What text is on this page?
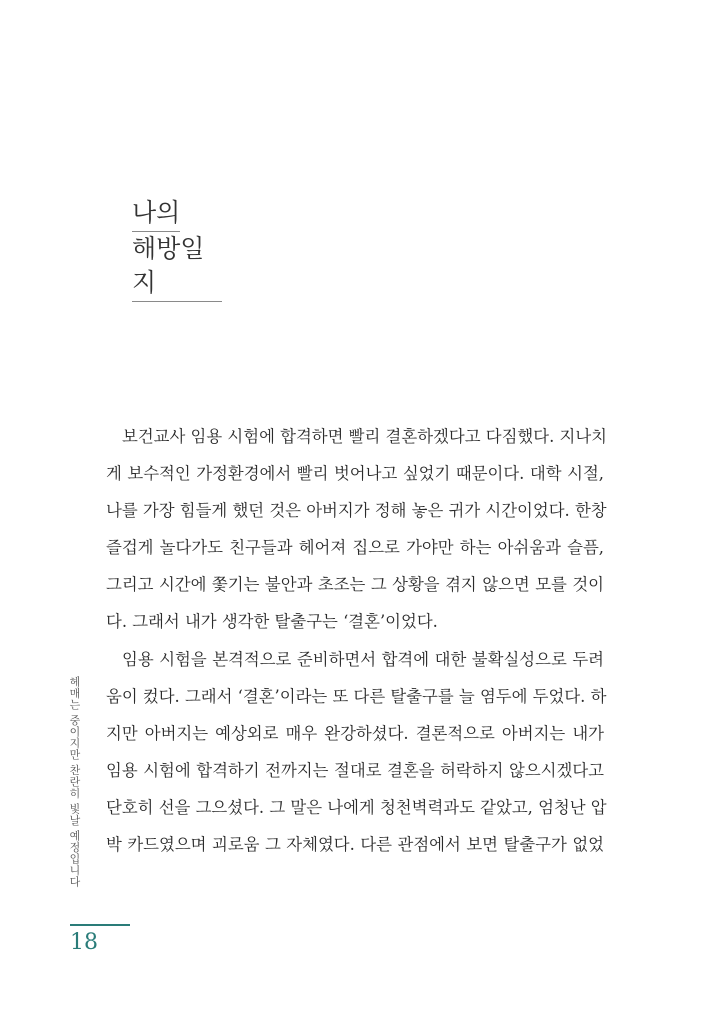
나의
해방일지

보건교사 임용 시험에 합격하면 빨리 결혼하겠다고 다짐했다. 지나치

게 보수적인 가정환경에서 빨리 벗어나고 싶었기 때문이다. 대학 시절,

나를 가장 힘들게 했던 것은 아버지가 정해 놓은 귀가 시간이었다. 한창

즐겁게 놀다가도 친구들과 헤어져 집으로 가야만 하는 아쉬움과 슬픔,

그리고 시간에 쫓기는 불안과 초조는 그 상황을 겪지 않으면 모를 것이

다. 그래서 내가 생각한 탈출구는 ‘결혼’이었다.

임용 시험을 본격적으로 준비하면서 합격에 대한 불확실성으로 두려

움이 컸다. 그래서 ‘결혼’이라는 또 다른 탈출구를 늘 염두에 두었다. 하

지만 아버지는 예상외로 매우 완강하셨다. 결론적으로 아버지는 내가

임용 시험에 합격하기 전까지는 절대로 결혼을 허락하지 않으시겠다고

단호히 선을 그으셨다. 그 말은 나에게 청천벽력과도 같았고, 엄청난 압

박 카드였으며 괴로움 그 자체였다. 다른 관점에서 보면 탈출구가 없었

헤매는 중이지만 찬란히 빛날 예정입니다
18
